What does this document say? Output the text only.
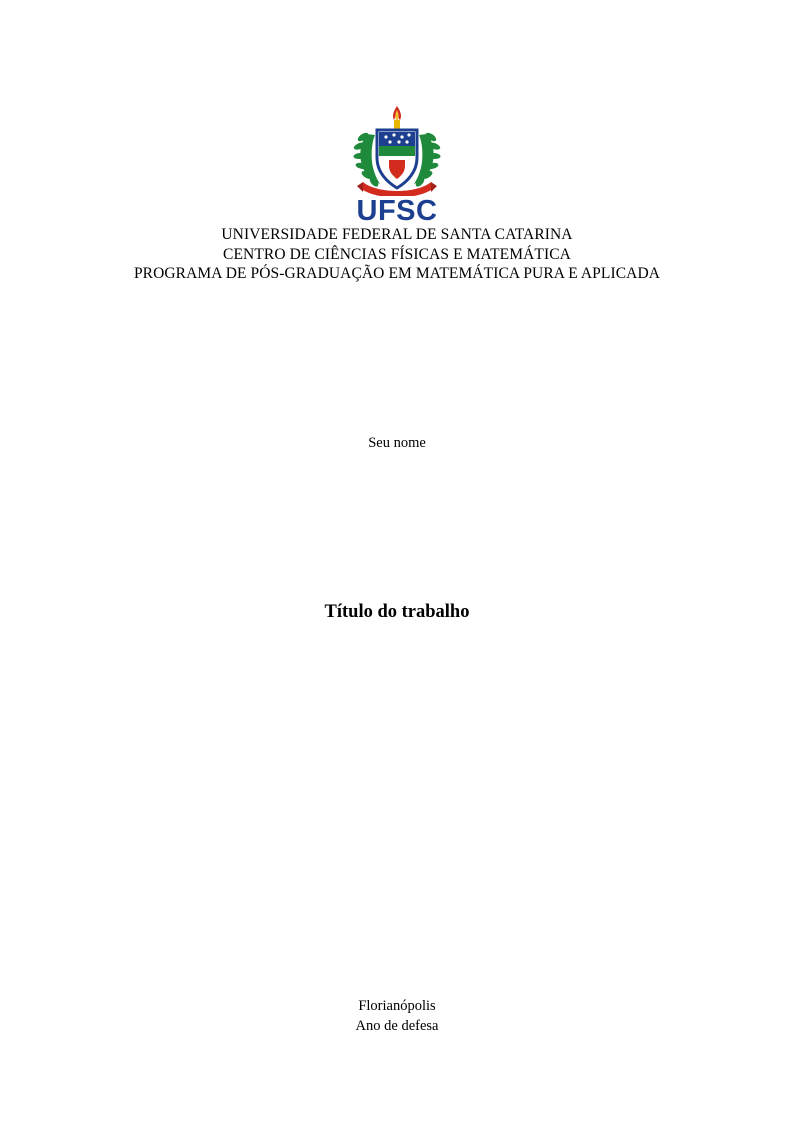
UFSC
UNIVERSIDADE FEDERAL DE SANTA CATARINA
CENTRO DE CIÊNCIAS FÍSICAS E MATEMÁTICA
PROGRAMA DE PÓS-GRADUAÇÃO EM MATEMÁTICA PURA E APLICADA
Seu nome
Título do trabalho
Florianópolis
Ano de defesa
